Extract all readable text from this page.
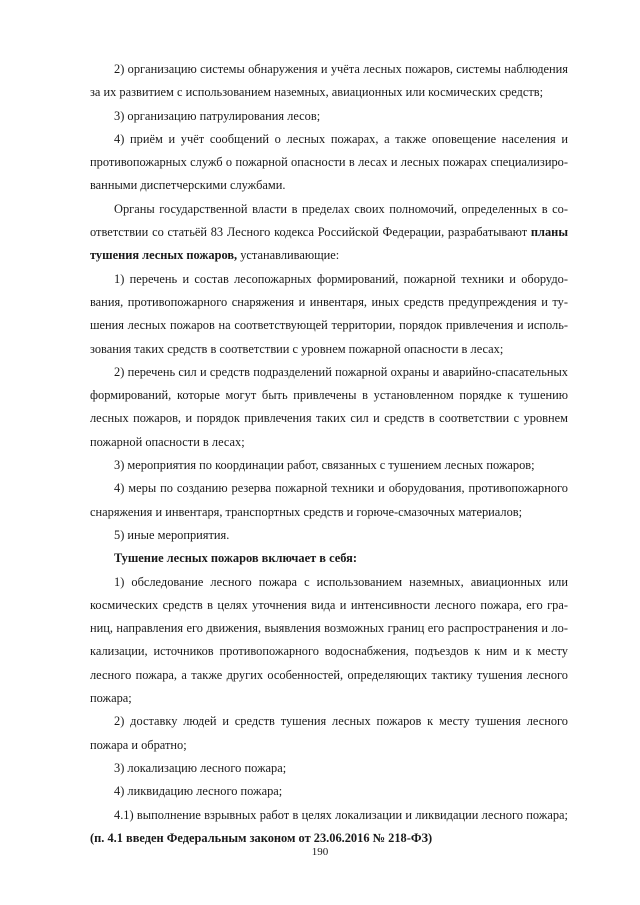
2) организацию системы обнаружения и учёта лесных пожаров, системы наблюдения за их развитием с использованием наземных, авиационных или космических средств;

3) организацию патрулирования лесов;

4) приём и учёт сообщений о лесных пожарах, а также оповещение населения и противопожарных служб о пожарной опасности в лесах и лесных пожарах специализированными диспетчерскими службами.

Органы государственной власти в пределах своих полномочий, определенных в соответствии со статьёй 83 Лесного кодекса Российской Федерации, разрабатывают планы тушения лесных пожаров, устанавливающие:

1) перечень и состав лесопожарных формирований, пожарной техники и оборудования, противопожарного снаряжения и инвентаря, иных средств предупреждения и тушения лесных пожаров на соответствующей территории, порядок привлечения и использования таких средств в соответствии с уровнем пожарной опасности в лесах;

2) перечень сил и средств подразделений пожарной охраны и аварийно-спасательных формирований, которые могут быть привлечены в установленном порядке к тушению лесных пожаров, и порядок привлечения таких сил и средств в соответствии с уровнем пожарной опасности в лесах;

3) мероприятия по координации работ, связанных с тушением лесных пожаров;

4) меры по созданию резерва пожарной техники и оборудования, противопожарного снаряжения и инвентаря, транспортных средств и горюче-смазочных материалов;

5) иные мероприятия.

Тушение лесных пожаров включает в себя:

1) обследование лесного пожара с использованием наземных, авиационных или космических средств в целях уточнения вида и интенсивности лесного пожара, его границ, направления его движения, выявления возможных границ его распространения и локализации, источников противопожарного водоснабжения, подъездов к ним и к месту лесного пожара, а также других особенностей, определяющих тактику тушения лесного пожара;

2) доставку людей и средств тушения лесных пожаров к месту тушения лесного пожара и обратно;

3) локализацию лесного пожара;

4) ликвидацию лесного пожара;

4.1) выполнение взрывных работ в целях локализации и ликвидации лесного пожара;(п. 4.1 введен Федеральным законом от 23.06.2016 № 218-ФЗ)

190
